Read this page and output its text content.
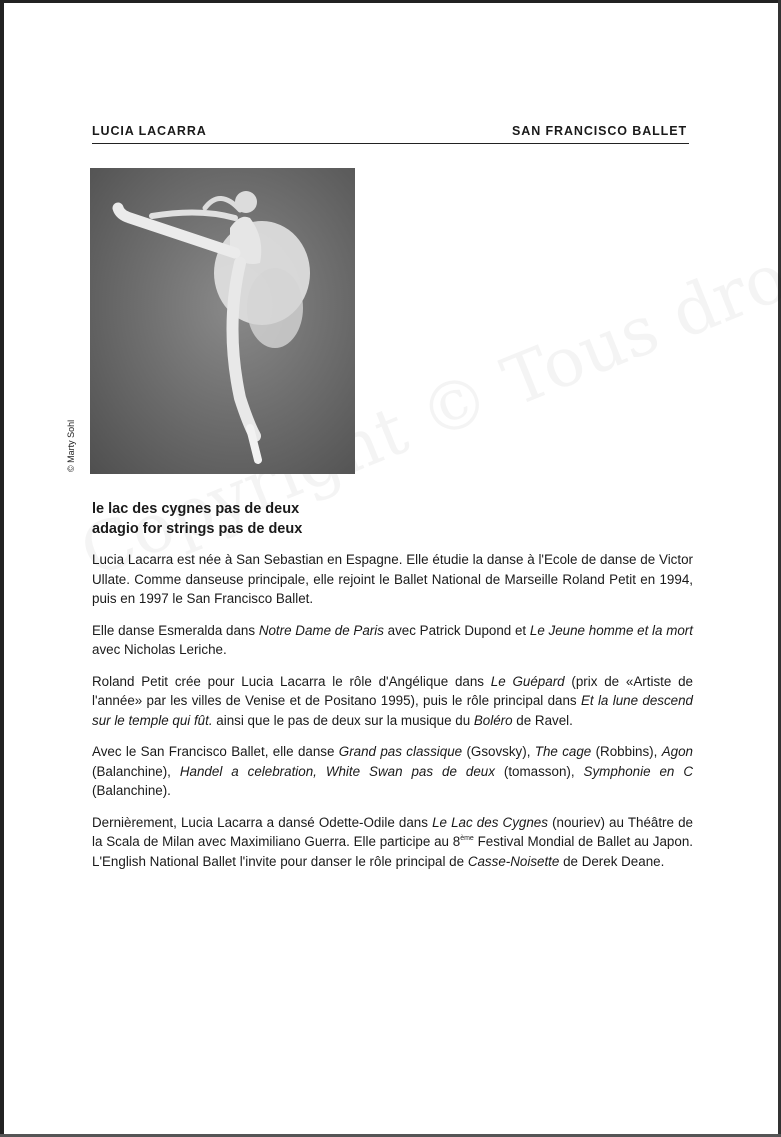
LUCIA LACARRA	SAN FRANCISCO BALLET
© Marty Sohl
le lac des cygnes pas de deux
adagio for strings pas de deux

Lucia Lacarra est née à San Sebastian en Espagne. Elle étudie la danse à l'Ecole de danse de Victor Ullate. Comme danseuse principale, elle rejoint le Ballet National de Marseille Roland Petit en 1994, puis en 1997 le San Francisco Ballet.

Elle danse Esmeralda dans Notre Dame de Paris avec Patrick Dupond et Le Jeune homme et la mort avec Nicholas Leriche.

Roland Petit crée pour Lucia Lacarra le rôle d'Angélique dans Le Guépard (prix de «Artiste de l'année» par les villes de Venise et de Positano 1995), puis le rôle principal dans Et la lune descend sur le temple qui fût. ainsi que le pas de deux sur la musique du Boléro de Ravel.

Avec le San Francisco Ballet, elle danse Grand pas classique (Gsovsky), The cage (Robbins), Agon (Balanchine), Handel a celebration, White Swan pas de deux (tomasson), Symphonie en C (Balanchine).

Dernièrement, Lucia Lacarra a dansé Odette-Odile dans Le Lac des Cygnes (nouriev) au Théâtre de la Scala de Milan avec Maximiliano Guerra. Elle participe au 8ème Festival Mondial de Ballet au Japon. L'English National Ballet l'invite pour danser le rôle principal de Casse-Noisette de Derek Deane.
